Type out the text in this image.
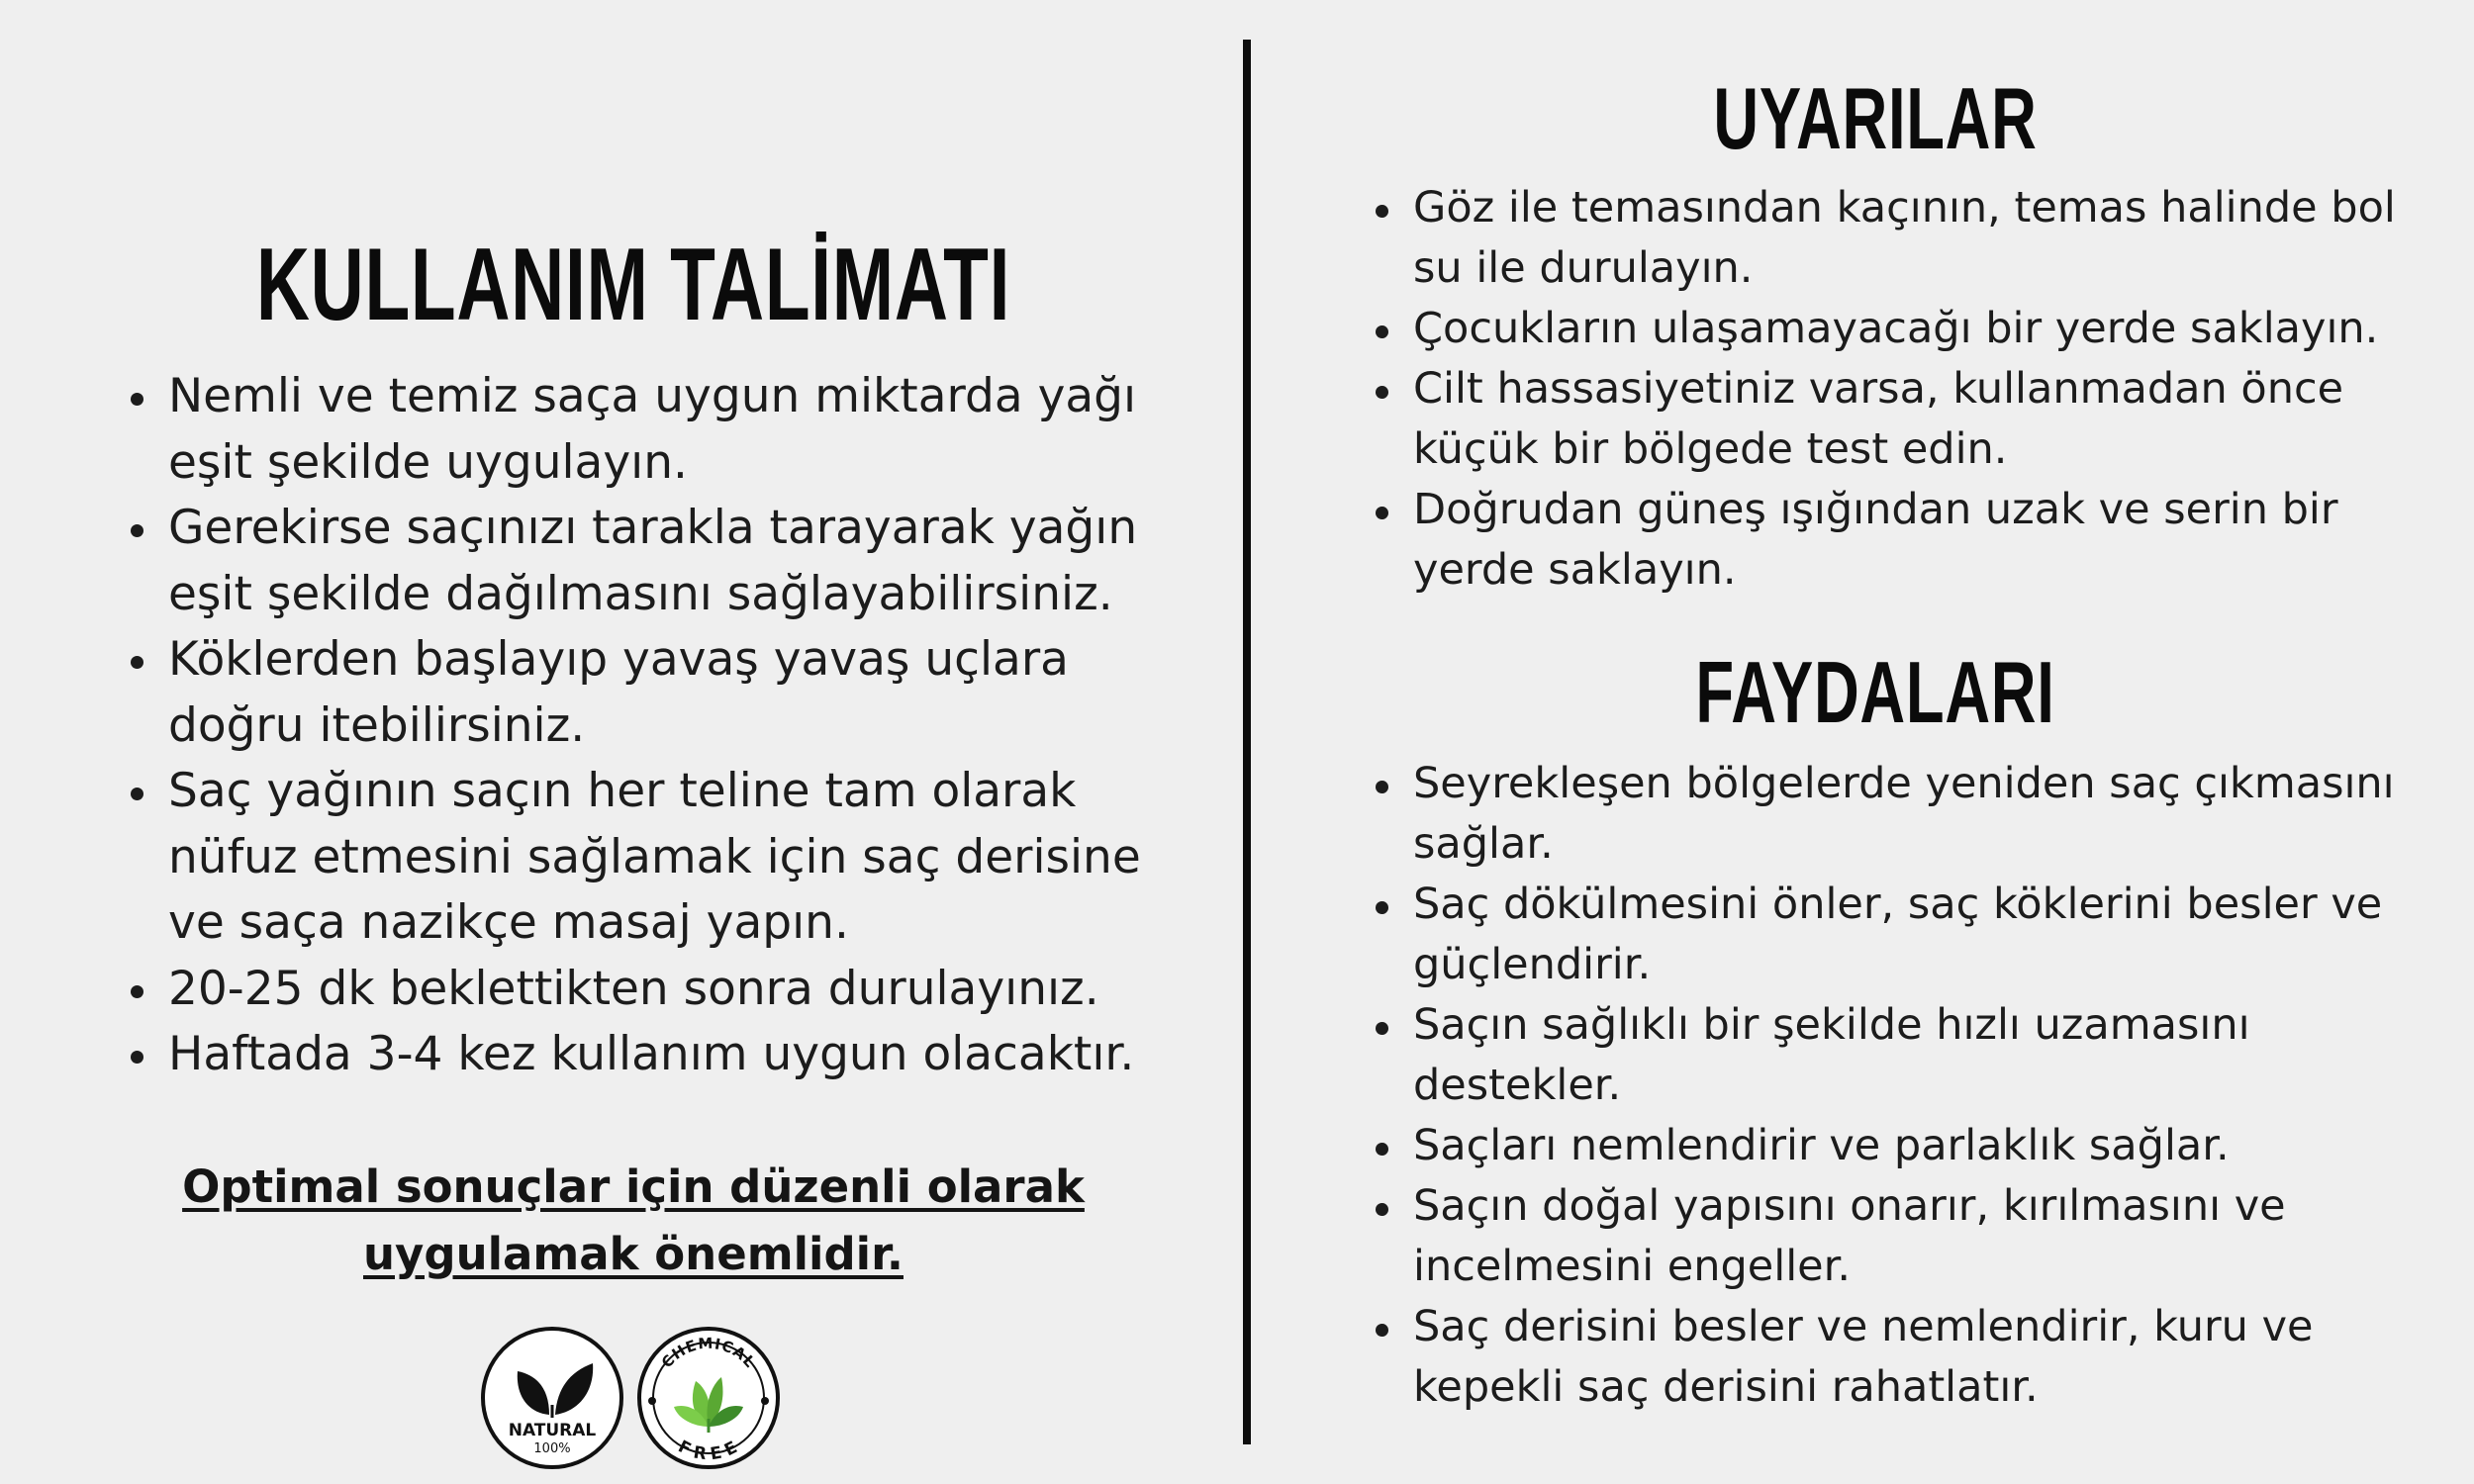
KULLANIM TALİMATI
Nemli ve temiz saça uygun miktarda yağı eşit şekilde uygulayın.
Gerekirse saçınızı tarakla tarayarak yağın eşit şekilde dağılmasını sağlayabilirsiniz.
Köklerden başlayıp yavaş yavaş uçlara doğru itebilirsiniz.
Saç yağının saçın her teline tam olarak nüfuz etmesini sağlamak için saç derisine ve saça nazikçe masaj yapın.
20-25 dk beklettikten sonra durulayınız.
Haftada 3-4 kez kullanım uygun olacaktır.

Optimal sonuçlar için düzenli olarak uygulamak önemlidir.

NATURAL
100%
CHEMICAL
FREE
UYARILAR
Göz ile temasından kaçının, temas halinde bol su ile durulayın.
Çocukların ulaşamayacağı bir yerde saklayın.
Cilt hassasiyetiniz varsa, kullanmadan önce küçük bir bölgede test edin.
Doğrudan güneş ışığından uzak ve serin bir yerde saklayın.
FAYDALARI
Seyrekleşen bölgelerde yeniden saç çıkmasını sağlar.
Saç dökülmesini önler, saç köklerini besler ve güçlendirir.
Saçın sağlıklı bir şekilde hızlı uzamasını destekler.
Saçları nemlendirir ve parlaklık sağlar.
Saçın doğal yapısını onarır, kırılmasını ve incelmesini engeller.
Saç derisini besler ve nemlendirir, kuru ve kepekli saç derisini rahatlatır.
